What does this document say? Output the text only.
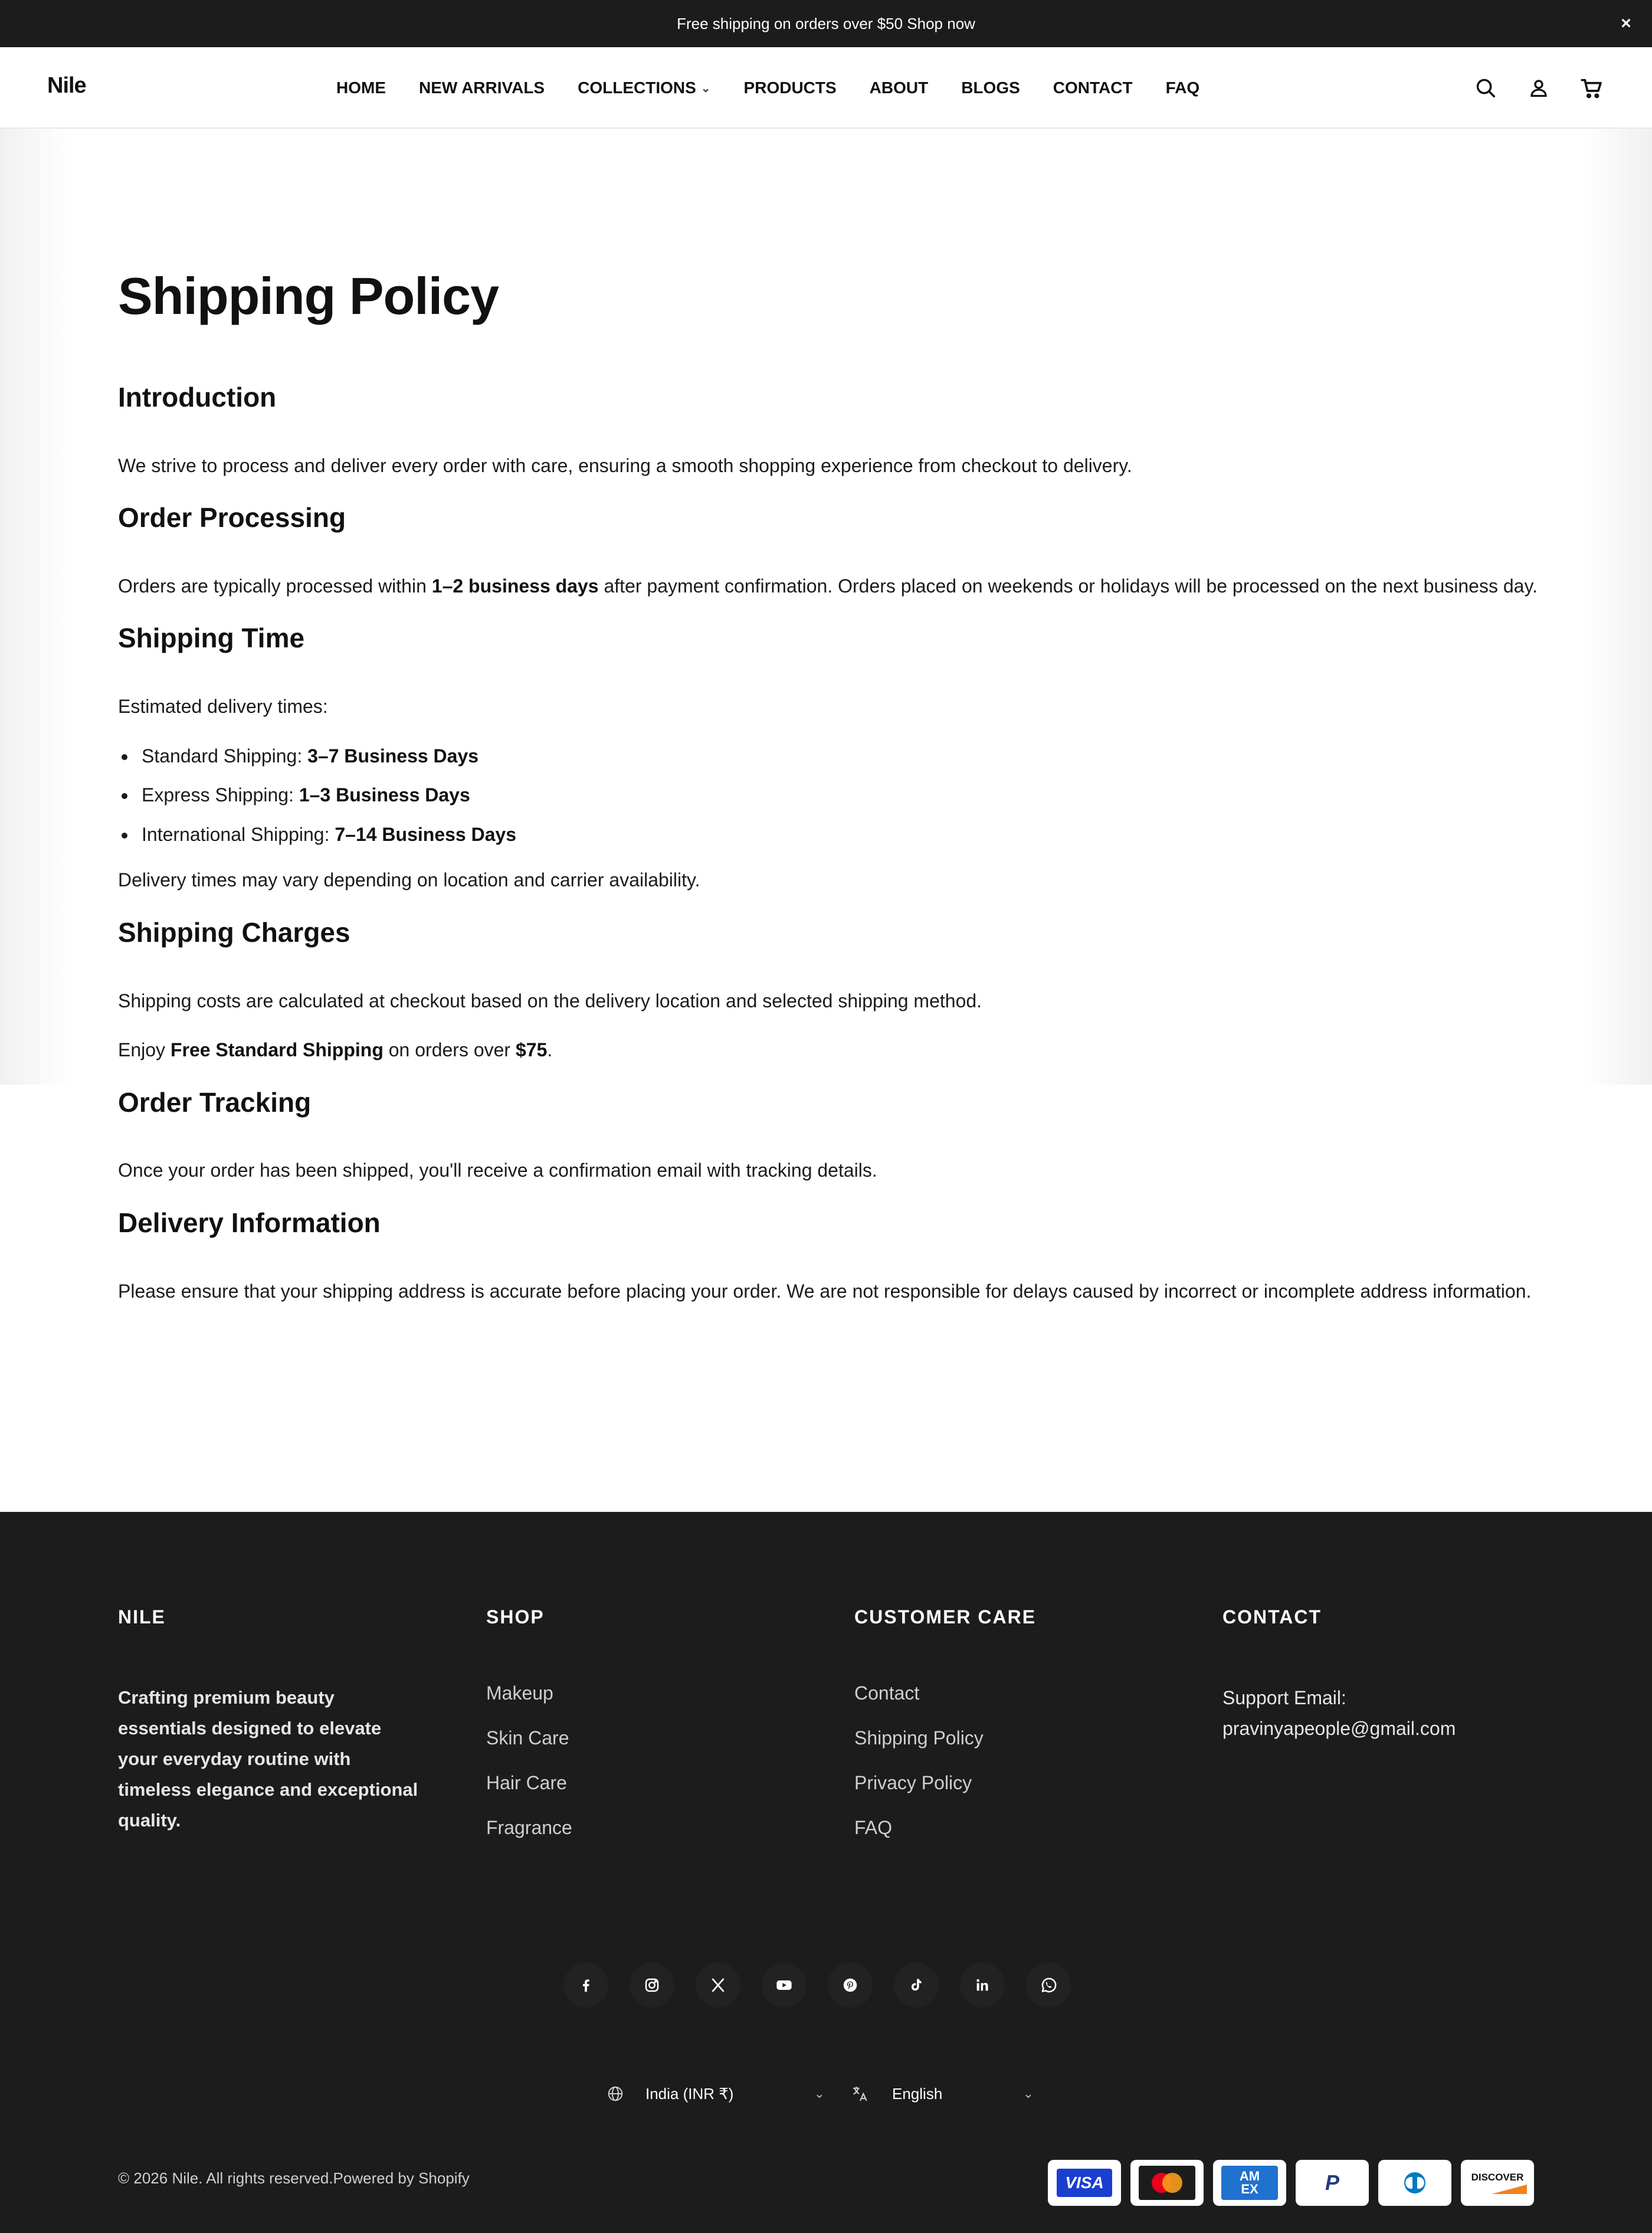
Free shipping on orders over $50 Shop now	×
Nile	HOME NEW ARRIVALS COLLECTIONS ⌄ PRODUCTS ABOUT BLOGS CONTACT FAQ
Shipping Policy
Introduction

We strive to process and deliver every order with care, ensuring a smooth shopping experience from checkout to delivery.

Order Processing

Orders are typically processed within 1–2 business days after payment confirmation. Orders placed on weekends or holidays will be processed on the next business day.

Shipping Time

Estimated delivery times:

Standard Shipping: 3–7 Business Days
Express Shipping: 1–3 Business Days
International Shipping: 7–14 Business Days

Delivery times may vary depending on location and carrier availability.

Shipping Charges

Shipping costs are calculated at checkout based on the delivery location and selected shipping method.

Enjoy Free Standard Shipping on orders over $75.

Order Tracking

Once your order has been shipped, you'll receive a confirmation email with tracking details.

Delivery Information

Please ensure that your shipping address is accurate before placing your order. We are not responsible for delays caused by incorrect or incomplete address information.

NILE
Crafting premium beauty essentials designed to elevate your everyday routine with timeless elegance and exceptional quality.
SHOP
Makeup
Skin Care
Hair Care
Fragrance
CUSTOMER CARE
Contact
Shipping Policy
Privacy Policy
FAQ
CONTACT
Support Email:
pravinyapeople@gmail.com
India (INR ₹)	⌄	English	⌄
© 2026 Nile. All rights reserved.Powered by Shopify	VISA	AM
EX	P	DISCOVER
